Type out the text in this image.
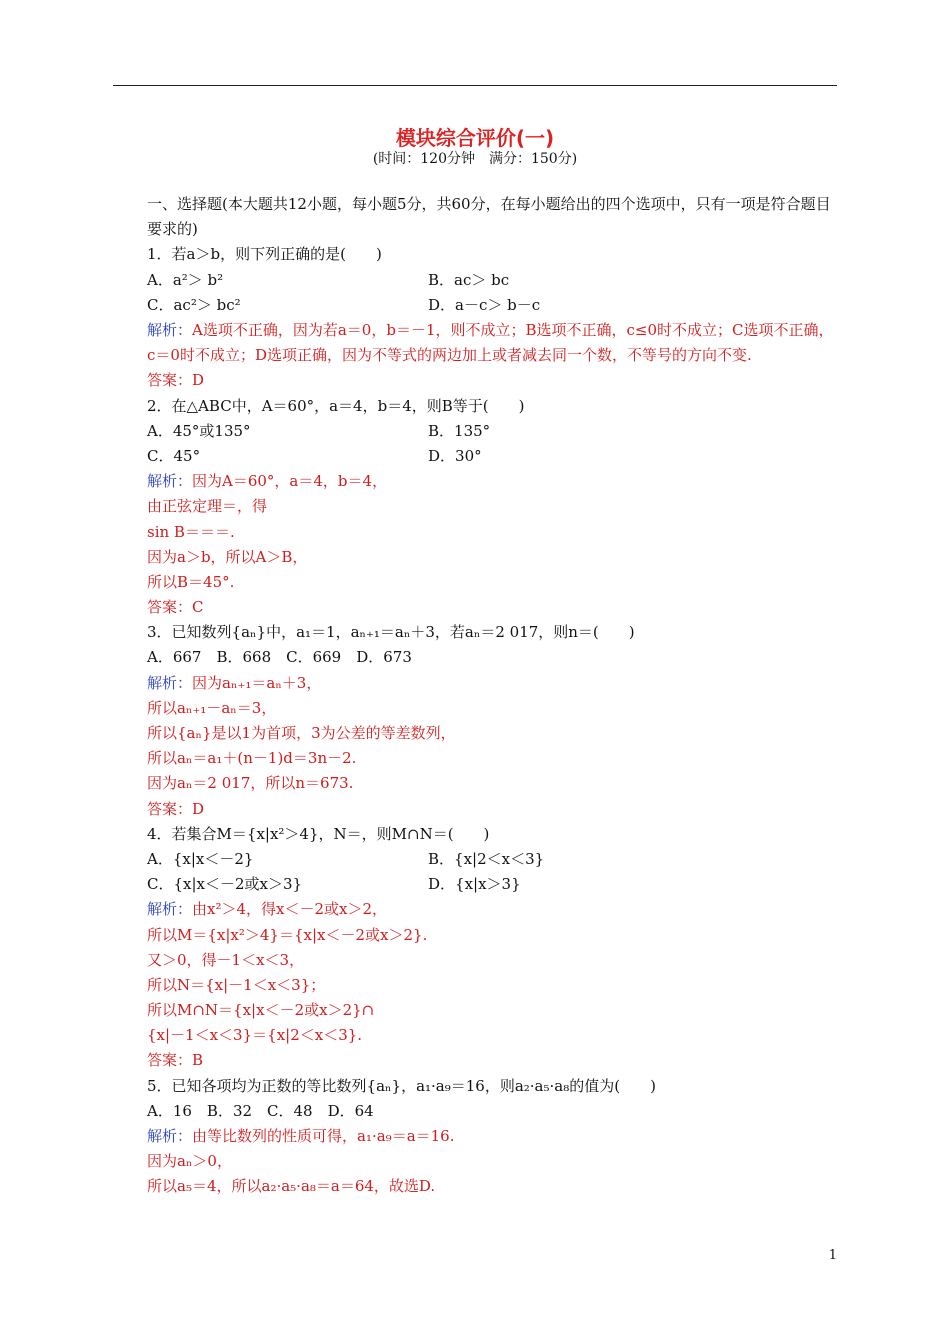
模块综合评价(一)
(时间：120分钟　满分：150分)
一、选择题(本大题共12小题，每小题5分，共60分，在每小题给出的四个选项中，只有一项是符合题目要求的)
1．若a＞b，则下列正确的是(　　)
A．a²＞ b²	B．ac＞ bc
C．ac²＞ bc²	D．a－c＞ b－c
解析：A选项不正确，因为若a＝0，b＝－1，则不成立；B选项不正确，c≤0时不成立；C选项不正确，c＝0时不成立；D选项正确，因为不等式的两边加上或者减去同一个数，不等号的方向不变.
答案：D
2．在△ABC中，A＝60°，a＝4，b＝4，则B等于(　　)
A．45°或135°	B．135°
C．45°	D．30°
解析：因为A＝60°，a＝4，b＝4，
由正弦定理＝，得
sin B＝＝＝.
因为a＞b，所以A＞B，
所以B＝45°.
答案：C
3．已知数列{aₙ}中，a₁＝1，aₙ₊₁＝aₙ＋3，若aₙ＝2 017，则n＝(　　)
A．667　B．668　C．669　D．673
解析：因为aₙ₊₁＝aₙ＋3，
所以aₙ₊₁－aₙ＝3，
所以{aₙ}是以1为首项，3为公差的等差数列，
所以aₙ＝a₁＋(n－1)d＝3n－2.
因为aₙ＝2 017，所以n＝673.
答案：D
4．若集合M＝{x|x²＞4}，N＝，则M∩N＝(　　)
A．{x|x＜－2}	B．{x|2＜x＜3}
C．{x|x＜－2或x＞3}	D．{x|x＞3}
解析：由x²＞4，得x＜－2或x＞2，
所以M＝{x|x²＞4}＝{x|x＜－2或x＞2}.
又＞0，得－1＜x＜3，
所以N＝{x|－1＜x＜3}；
所以M∩N＝{x|x＜－2或x＞2}∩
{x|－1＜x＜3}＝{x|2＜x＜3}.
答案：B
5．已知各项均为正数的等比数列{aₙ}，a₁·a₉＝16，则a₂·a₅·a₈的值为(　　)
A．16　B．32　C．48　D．64
解析：由等比数列的性质可得，a₁·a₉＝a＝16.
因为aₙ＞0，
所以a₅＝4，所以a₂·a₅·a₈＝a＝64，故选D.
1
